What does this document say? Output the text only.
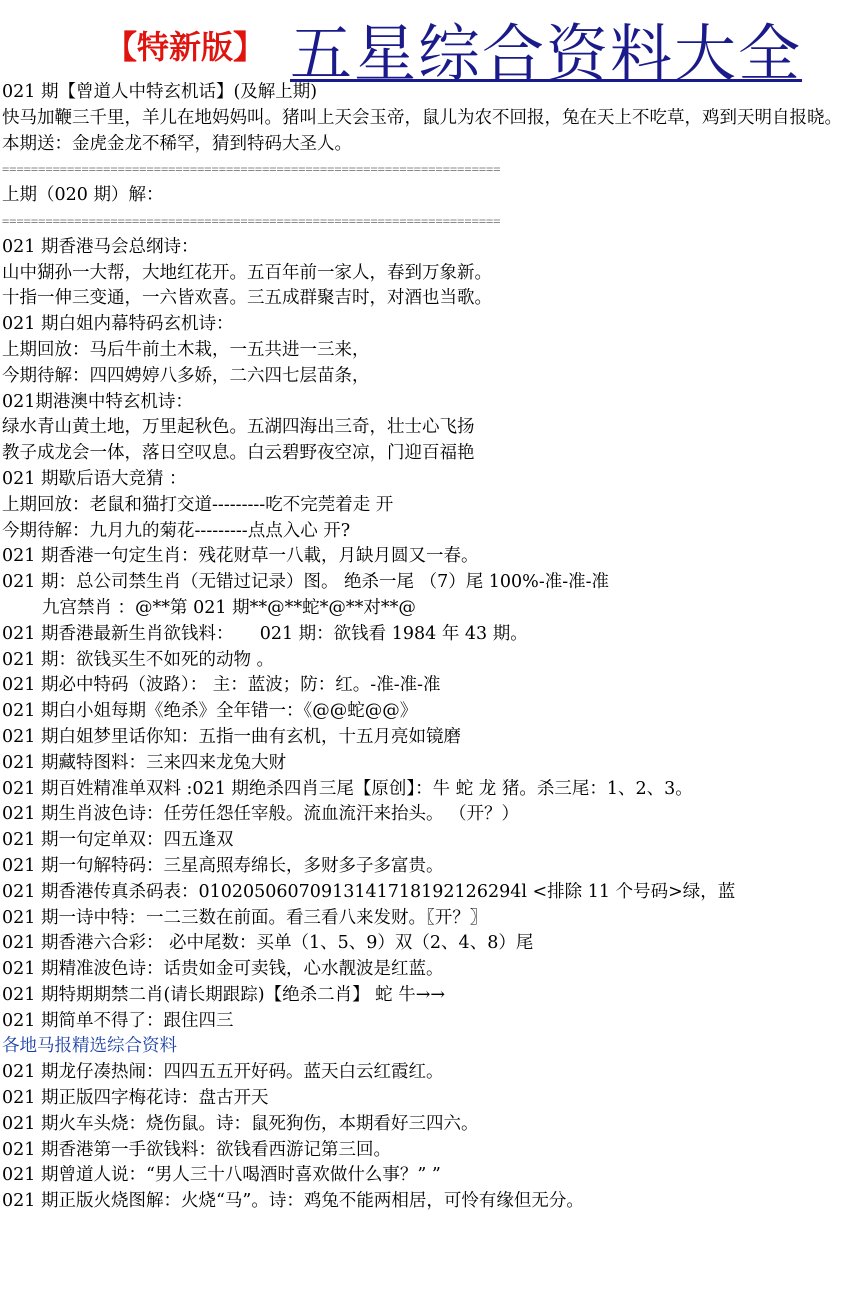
【特新版】 五星综合资料大全
021 期【曾道人中特玄机话】(及解上期)
快马加鞭三千里，羊儿在地妈妈叫。猪叫上天会玉帝，鼠儿为农不回报，兔在天上不吃草，鸡到天明自报晓。
本期送：金虎金龙不稀罕，猜到特码大圣人。
=====================================================================
上期（020 期）解：
=====================================================================
021 期香港马会总纲诗：
山中猢孙一大帮，大地红花开。五百年前一家人，春到万象新。
十指一伸三变通，一六皆欢喜。三五成群聚吉时，对酒也当歌。
021 期白姐内幕特码玄机诗：
上期回放：马后牛前土木栽，一五共进一三来，
今期待解：四四娉婷八多娇，二六四七层苗条，
021期港澳中特玄机诗：
绿水青山黄土地，万里起秋色。五湖四海出三奇，壮士心飞扬
教子成龙会一体，落日空叹息。白云碧野夜空凉，门迎百福艳
021 期歇后语大竞猜 ：
上期回放：老鼠和猫打交道---------吃不完莞着走 开
今期待解：九月九的菊花---------点点入心 开?
021 期香港一句定生肖：残花财草一八載，月缺月圆又一春。
021 期：总公司禁生肖（无错过记录）图。 绝杀一尾 （7）尾 100%-准-准-准
九宫禁肖 ：@**第 021 期**@**蛇*@**对**@
021 期香港最新生肖欲钱料：　　021 期：欲钱看 1984 年 43 期。
021 期：欲钱买生不如死的动物 。
021 期必中特码（波路）： 主：蓝波；防：红。-准-准-准
021 期白小姐每期《绝杀》全年错一：《@@蛇@@》
021 期白姐梦里话你知：五指一曲有玄机，十五月亮如镜磨
021 期藏特图料：三来四来龙兔大财
021 期百姓精准单双料 :021 期绝杀四肖三尾【原创】：牛 蛇 龙 猪。杀三尾：1、2、3。
021 期生肖波色诗：任劳任怨任宰般。流血流汗来抬头。 （开？）
021 期一句定单双：四五逢双
021 期一句解特码：三星高照寿绵长，多财多子多富贵。
021 期香港传真杀码表：01020506070913141718192126294l <排除 11 个号码>绿，蓝
021 期一诗中特：一二三数在前面。看三看八来发财。〖开？〗
021 期香港六合彩： 必中尾数：买单（1、5、9）双（2、4、8）尾
021 期精准波色诗：话贵如金可卖钱，心水靓波是红蓝。
021 期特期期禁二肖(请长期跟踪)【绝杀二肖】 蛇 牛→→
021 期简单不得了：跟住四三
各地马报精选综合资料
021 期龙仔凑热闹：四四五五开好码。蓝天白云红霞红。
021 期正版四字梅花诗：盘古开天
021 期火车头烧：烧伤鼠。诗：鼠死狗伤，本期看好三四六。
021 期香港第一手欲钱料：欲钱看西游记第三回。
021 期曾道人说：“男人三十八喝酒时喜欢做什么事？” ”
021 期正版火烧图解：火烧“马”。诗：鸡兔不能两相居，可怜有缘但无分。
